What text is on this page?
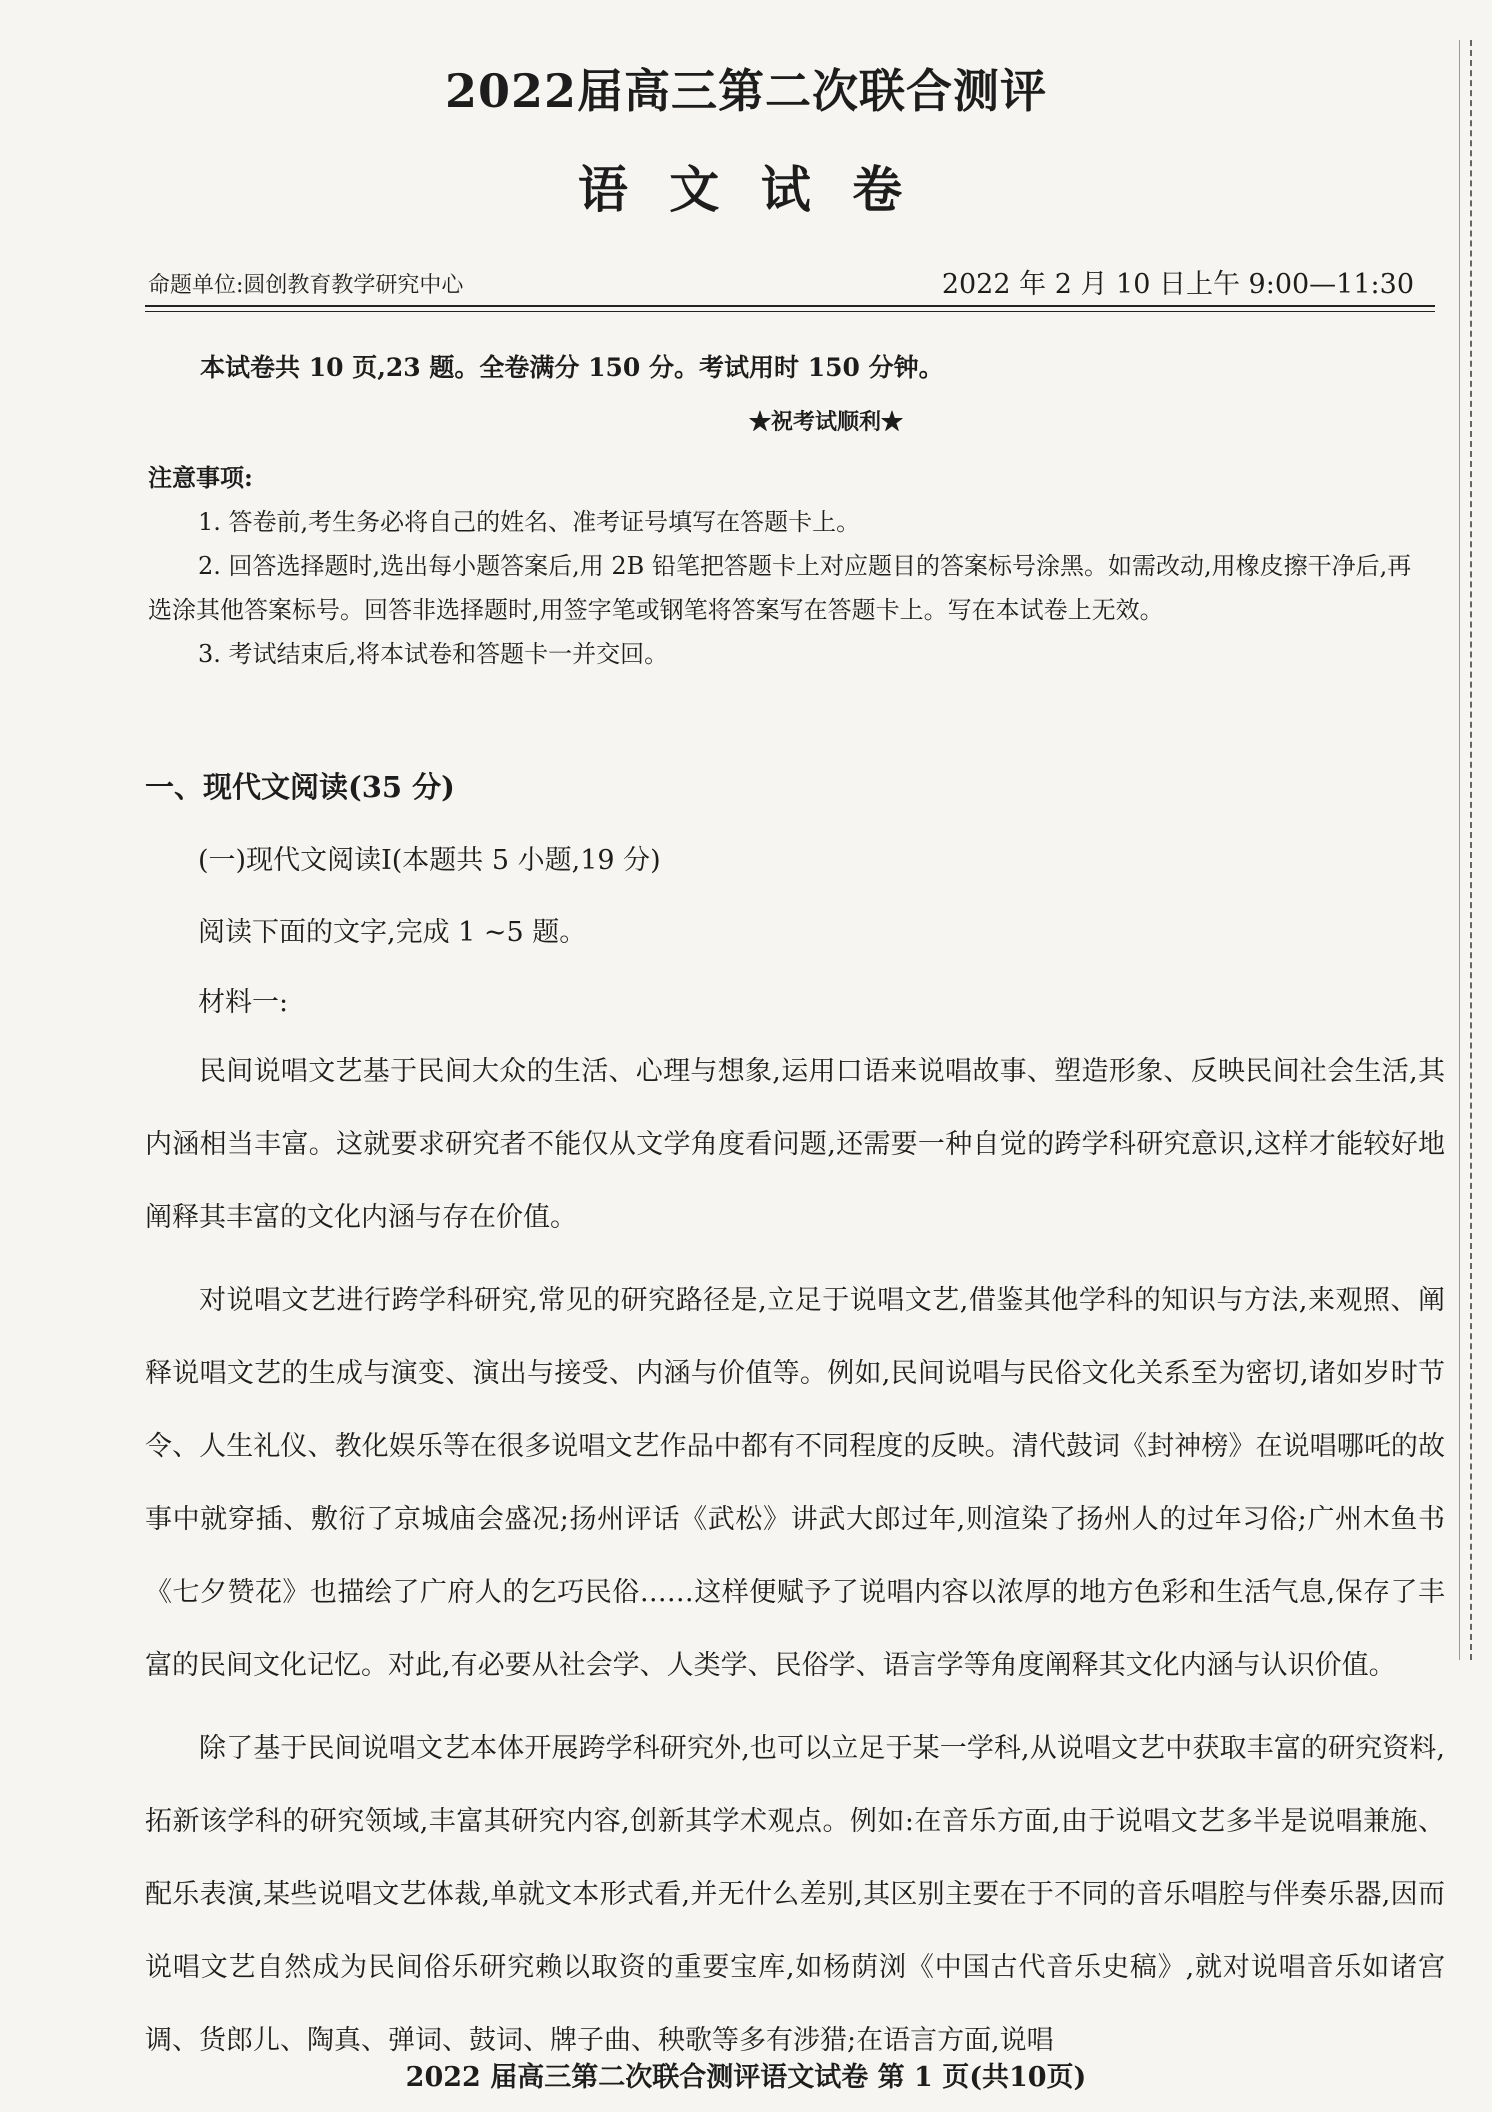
2022届高三第二次联合测评
语 文 试 卷
命题单位:圆创教育教学研究中心	2022 年 2 月 10 日上午 9:00—11:30
本试卷共 10 页,23 题。全卷满分 150 分。考试用时 150 分钟。
★祝考试顺利★
注意事项:

1. 答卷前,考生务必将自己的姓名、准考证号填写在答题卡上。

2. 回答选择题时,选出每小题答案后,用 2B 铅笔把答题卡上对应题目的答案标号涂黑。如需改动,用橡皮擦干净后,再选涂其他答案标号。回答非选择题时,用签字笔或钢笔将答案写在答题卡上。写在本试卷上无效。

3. 考试结束后,将本试卷和答题卡一并交回。

一、现代文阅读(35 分)
(一)现代文阅读Ⅰ(本题共 5 小题,19 分)
阅读下面的文字,完成 1 ~5 题。
材料一:

民间说唱文艺基于民间大众的生活、心理与想象,运用口语来说唱故事、塑造形象、反映民间社会生活,其内涵相当丰富。这就要求研究者不能仅从文学角度看问题,还需要一种自觉的跨学科研究意识,这样才能较好地阐释其丰富的文化内涵与存在价值。

对说唱文艺进行跨学科研究,常见的研究路径是,立足于说唱文艺,借鉴其他学科的知识与方法,来观照、阐释说唱文艺的生成与演变、演出与接受、内涵与价值等。例如,民间说唱与民俗文化关系至为密切,诸如岁时节令、人生礼仪、教化娱乐等在很多说唱文艺作品中都有不同程度的反映。清代鼓词《封神榜》在说唱哪吒的故事中就穿插、敷衍了京城庙会盛况;扬州评话《武松》讲武大郎过年,则渲染了扬州人的过年习俗;广州木鱼书《七夕赞花》也描绘了广府人的乞巧民俗……这样便赋予了说唱内容以浓厚的地方色彩和生活气息,保存了丰富的民间文化记忆。对此,有必要从社会学、人类学、民俗学、语言学等角度阐释其文化内涵与认识价值。

除了基于民间说唱文艺本体开展跨学科研究外,也可以立足于某一学科,从说唱文艺中获取丰富的研究资料,拓新该学科的研究领域,丰富其研究内容,创新其学术观点。例如:在音乐方面,由于说唱文艺多半是说唱兼施、配乐表演,某些说唱文艺体裁,单就文本形式看,并无什么差别,其区别主要在于不同的音乐唱腔与伴奏乐器,因而说唱文艺自然成为民间俗乐研究赖以取资的重要宝库,如杨荫浏《中国古代音乐史稿》,就对说唱音乐如诸宫调、货郎儿、陶真、弹词、鼓词、牌子曲、秧歌等多有涉猎;在语言方面,说唱

2022 届高三第二次联合测评语文试卷 第 1 页(共10页)
